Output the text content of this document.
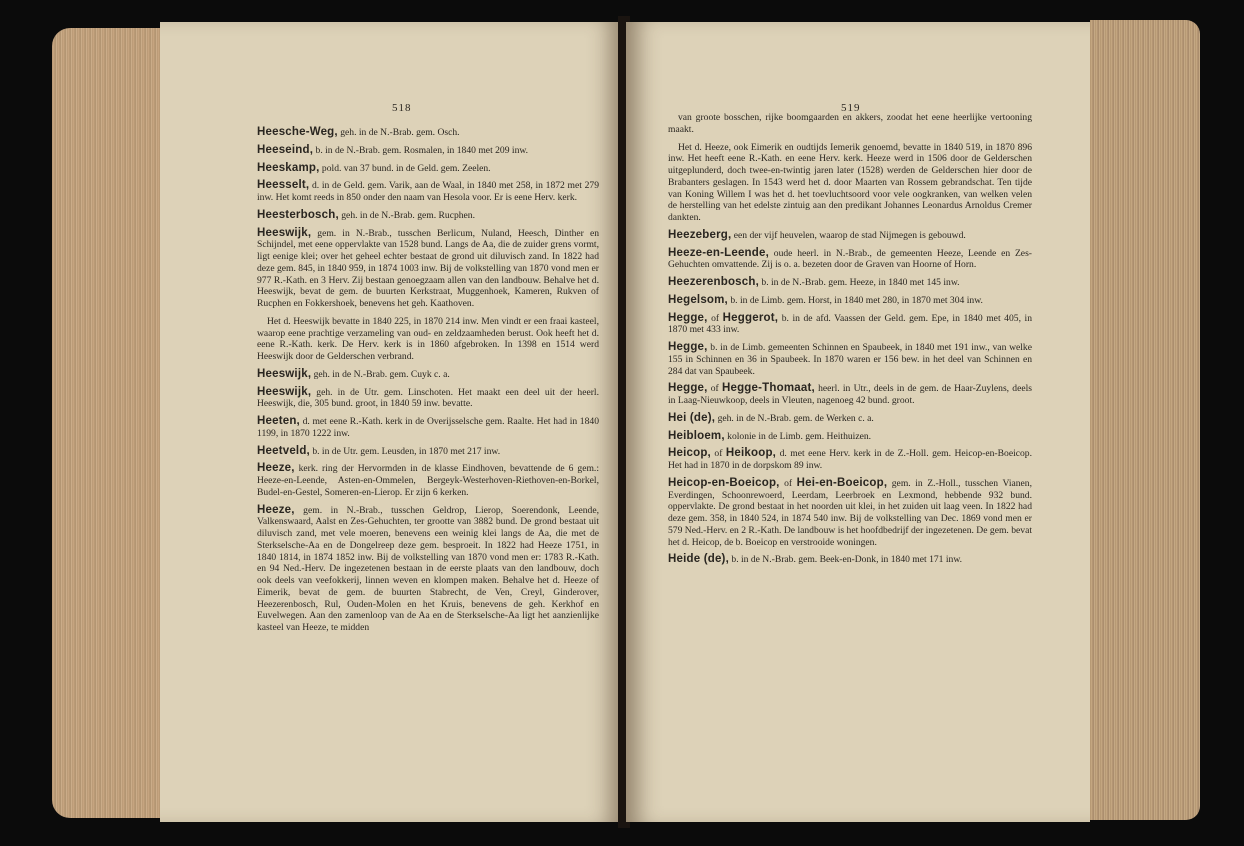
518
Heesche-Weg, geh. in de N.-Brab. gem. Osch.
Heeseind, b. in de N.-Brab. gem. Rosmalen, in 1840 met 209 inw.
Heeskamp, pold. van 37 bund. in de Geld. gem. Zeelen.
Heesselt, d. in de Geld. gem. Varik, aan de Waal, in 1840 met 258, in 1872 met 279 inw. Het komt reeds in 850 onder den naam van Hesola voor. Er is eene Herv. kerk.
Heesterbosch, geh. in de N.-Brab. gem. Rucphen.
Heeswijk, gem. in N.-Brab., tusschen Berlicum, Nuland, Heesch, Dinther en Schijndel, met eene oppervlakte van 1528 bund. Langs de Aa, die de zuider grens vormt, ligt eenige klei; over het geheel echter bestaat de grond uit diluvisch zand. In 1822 had deze gem. 845, in 1840 959, in 1874 1003 inw. Bij de volkstelling van 1870 vond men er 977 R.-Kath. en 3 Herv. Zij bestaan genoegzaam allen van den landbouw. Behalve het d. Heeswijk, bevat de gem. de buurten Kerkstraat, Muggenhoek, Kameren, Rukven of Rucphen en Fokkershoek, benevens het geh. Kaathoven.
Het d. Heeswijk bevatte in 1840 225, in 1870 214 inw. Men vindt er een fraai kasteel, waarop eene prachtige verzameling van oud- en zeldzaamheden berust. Ook heeft het d. eene R.-Kath. kerk. De Herv. kerk is in 1860 afgebroken. In 1398 en 1514 werd Heeswijk door de Gelderschen verbrand.
Heeswijk, geh. in de N.-Brab. gem. Cuyk c. a.
Heeswijk, geh. in de Utr. gem. Linschoten. Het maakt een deel uit der heerl. Heeswijk, die, 305 bund. groot, in 1840 59 inw. bevatte.
Heeten, d. met eene R.-Kath. kerk in de Overijsselsche gem. Raalte. Het had in 1840 1199, in 1870 1222 inw.
Heetveld, b. in de Utr. gem. Leusden, in 1870 met 217 inw.
Heeze, kerk. ring der Hervormden in de klasse Eindhoven, bevattende de 6 gem.: Heeze-en-Leende, Asten-en-Ommelen, Bergeyk-Westerhoven-Riethoven-en-Borkel, Budel-en-Gestel, Someren-en-Lierop. Er zijn 6 kerken.
Heeze, gem. in N.-Brab., tusschen Geldrop, Lierop, Soerendonk, Leende, Valkenswaard, Aalst en Zes-Gehuchten, ter grootte van 3882 bund. De grond bestaat uit diluvisch zand, met vele moeren, benevens een weinig klei langs de Aa, die met de Sterkselsche-Aa en de Dongelreep deze gem. besproeit. In 1822 had Heeze 1751, in 1840 1814, in 1874 1852 inw. Bij de volkstelling van 1870 vond men er: 1783 R.-Kath. en 94 Ned.-Herv. De ingezetenen bestaan in de eerste plaats van den landbouw, doch ook deels van veefokkerij, linnen weven en klompen maken. Behalve het d. Heeze of Eimerik, bevat de gem. de buurten Stabrecht, de Ven, Creyl, Ginderover, Heezerenbosch, Rul, Ouden-Molen en het Kruis, benevens de geh. Kerkhof en Euvelwegen. Aan den zamenloop van de Aa en de Sterkselsche-Aa ligt het aanzienlijke kasteel van Heeze, te midden
519
van groote bosschen, rijke boomgaarden en akkers, zoodat het eene heerlijke vertooning maakt.
Het d. Heeze, ook Eimerik en oudtijds Iemerik genoemd, bevatte in 1840 519, in 1870 896 inw. Het heeft eene R.-Kath. en eene Herv. kerk. Heeze werd in 1506 door de Gelderschen uitgeplunderd, doch twee-en-twintig jaren later (1528) werden de Gelderschen hier door de Brabanters geslagen. In 1543 werd het d. door Maarten van Rossem gebrandschat. Ten tijde van Koning Willem I was het d. het toevluchtsoord voor vele oogkranken, van welken velen de herstelling van het edelste zintuig aan den predikant Johannes Leonardus Arnoldus Cremer dankten.
Heezeberg, een der vijf heuvelen, waarop de stad Nijmegen is gebouwd.
Heeze-en-Leende, oude heerl. in N.-Brab., de gemeenten Heeze, Leende en Zes-Gehuchten omvattende. Zij is o. a. bezeten door de Graven van Hoorne of Horn.
Heezerenbosch, b. in de N.-Brab. gem. Heeze, in 1840 met 145 inw.
Hegelsom, b. in de Limb. gem. Horst, in 1840 met 280, in 1870 met 304 inw.
Hegge, of Heggerot, b. in de afd. Vaassen der Geld. gem. Epe, in 1840 met 405, in 1870 met 433 inw.
Hegge, b. in de Limb. gemeenten Schinnen en Spaubeek, in 1840 met 191 inw., van welke 155 in Schinnen en 36 in Spaubeek. In 1870 waren er 156 bew. in het deel van Schinnen en 284 dat van Spaubeek.
Hegge, of Hegge-Thomaat, heerl. in Utr., deels in de gem. de Haar-Zuylens, deels in Laag-Nieuwkoop, deels in Vleuten, nagenoeg 42 bund. groot.
Hei (de), geh. in de N.-Brab. gem. de Werken c. a.
Heibloem, kolonie in de Limb. gem. Heithuizen.
Heicop, of Heikoop, d. met eene Herv. kerk in de Z.-Holl. gem. Heicop-en-Boeicop. Het had in 1870 in de dorpskom 89 inw.
Heicop-en-Boeicop, of Hei-en-Boeicop, gem. in Z.-Holl., tusschen Vianen, Everdingen, Schoonrewoerd, Leerdam, Leerbroek en Lexmond, hebbende 932 bund. oppervlakte. De grond bestaat in het noorden uit klei, in het zuiden uit laag veen. In 1822 had deze gem. 358, in 1840 524, in 1874 540 inw. Bij de volkstelling van Dec. 1869 vond men er 579 Ned.-Herv. en 2 R.-Kath. De landbouw is het hoofdbedrijf der ingezetenen. De gem. bevat het d. Heicop, de b. Boeicop en verstrooide woningen.
Heide (de), b. in de N.-Brab. gem. Beek-en-Donk, in 1840 met 171 inw.
